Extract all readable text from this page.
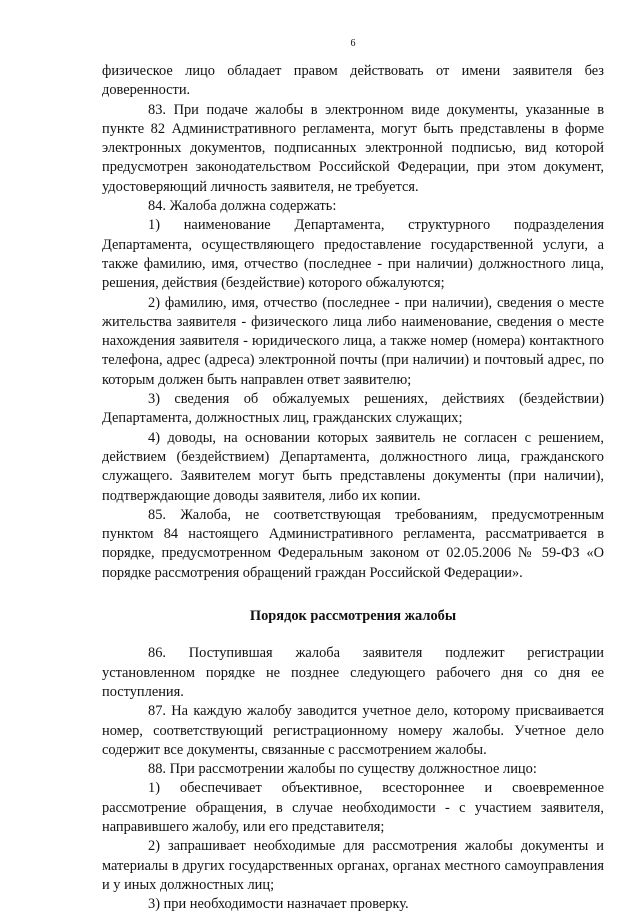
6

физическое лицо обладает правом действовать от имени заявителя без доверенности.

83. При подаче жалобы в электронном виде документы, указанные в пункте 82 Административного регламента, могут быть представлены в форме электронных документов, подписанных электронной подписью, вид которой предусмотрен законодательством Российской Федерации, при этом документ, удостоверяющий личность заявителя, не требуется.

84. Жалоба должна содержать:

1) наименование Департамента, структурного подразделения Департамента, осуществляющего предоставление государственной услуги, а также фамилию, имя, отчество (последнее - при наличии) должностного лица, решения, действия (бездействие) которого обжалуются;

2) фамилию, имя, отчество (последнее - при наличии), сведения о месте жительства заявителя - физического лица либо наименование, сведения о месте нахождения заявителя - юридического лица, а также номер (номера) контактного телефона, адрес (адреса) электронной почты (при наличии) и почтовый адрес, по которым должен быть направлен ответ заявителю;

3) сведения об обжалуемых решениях, действиях (бездействии) Департамента, должностных лиц, гражданских служащих;

4) доводы, на основании которых заявитель не согласен с решением, действием (бездействием) Департамента, должностного лица, гражданского служащего. Заявителем могут быть представлены документы (при наличии), подтверждающие доводы заявителя, либо их копии.

85. Жалоба, не соответствующая требованиям, предусмотренным пунктом 84 настоящего Административного регламента, рассматривается в порядке, предусмотренном Федеральным законом от 02.05.2006 № 59-ФЗ «О порядке рассмотрения обращений граждан Российской Федерации».

Порядок рассмотрения жалобы

86. Поступившая жалоба заявителя подлежит регистрации установленном порядке не позднее следующего рабочего дня со дня ее поступления.

87. На каждую жалобу заводится учетное дело, которому присваивается номер, соответствующий регистрационному номеру жалобы. Учетное дело содержит все документы, связанные с рассмотрением жалобы.

88. При рассмотрении жалобы по существу должностное лицо:

1) обеспечивает объективное, всестороннее и своевременное рассмотрение обращения, в случае необходимости - с участием заявителя, направившего жалобу, или его представителя;

2) запрашивает необходимые для рассмотрения жалобы документы и материалы в других государственных органах, органах местного самоуправления и у иных должностных лиц;

3) при необходимости назначает проверку.
